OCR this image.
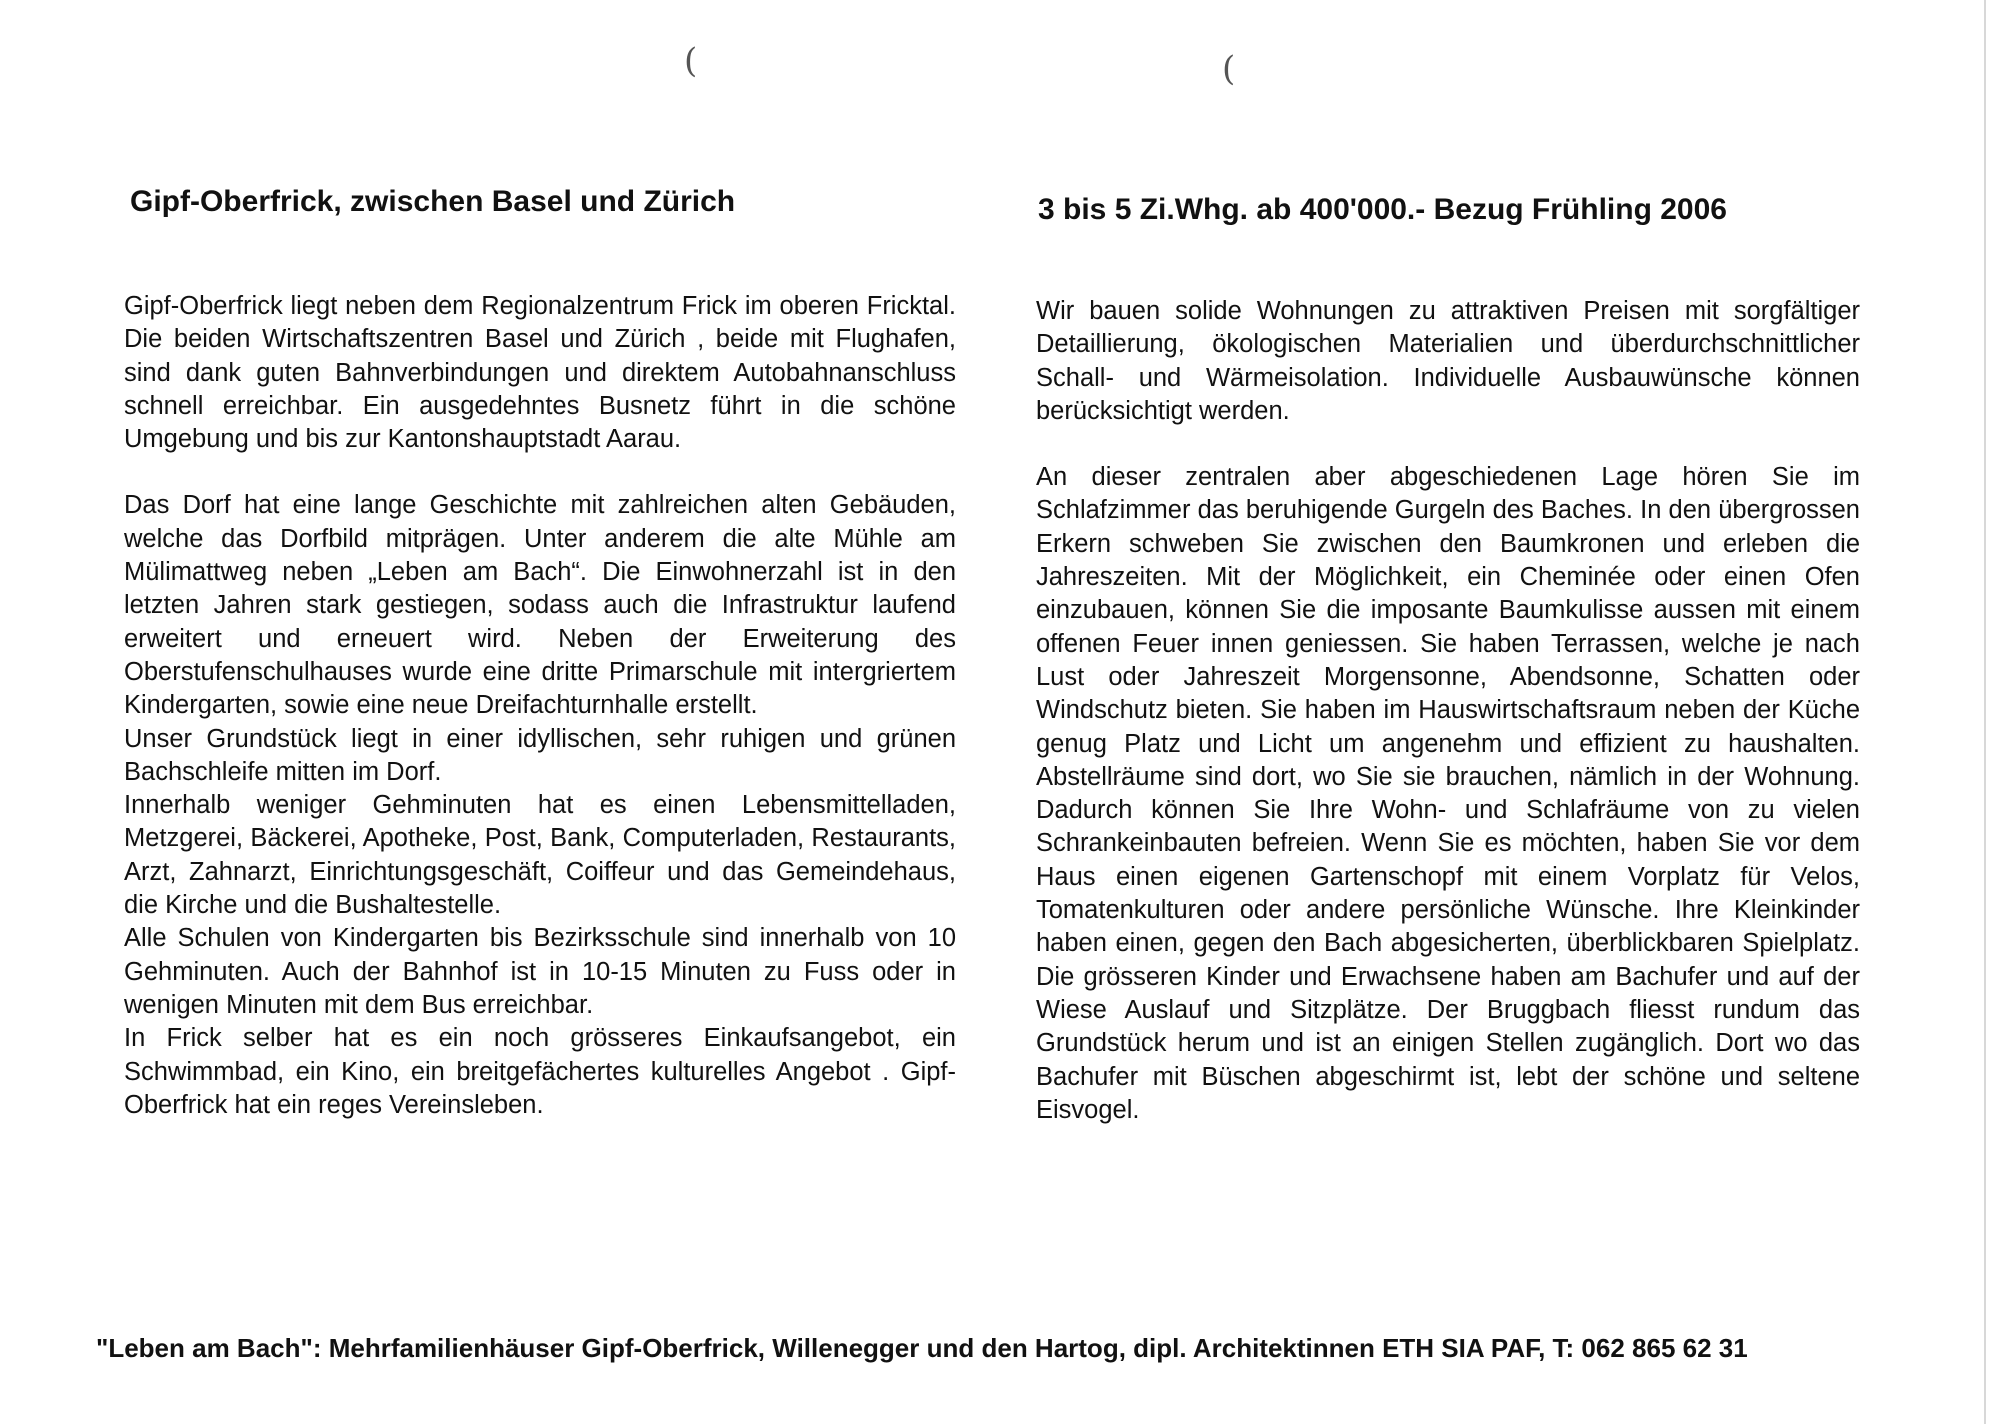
(	(
Gipf-Oberfrick, zwischen Basel und Zürich	3 bis 5 Zi.Whg. ab 400'000.- Bezug Frühling 2006

Gipf-Oberfrick liegt neben dem Regionalzentrum Frick im oberen Fricktal. Die beiden Wirtschaftszentren Basel und Zürich , beide mit Flughafen, sind dank guten Bahnverbindungen und direktem Autobahnanschluss schnell erreichbar. Ein ausgedehntes Busnetz führt in die schöne Umgebung und bis zur Kantonshauptstadt Aarau.

Das Dorf hat eine lange Geschichte mit zahlreichen alten Gebäuden, welche das Dorfbild mitprägen. Unter anderem die alte Mühle am Mülimattweg neben „Leben am Bach“. Die Einwohnerzahl ist in den letzten Jahren stark gestiegen, sodass auch die Infrastruktur laufend erweitert und erneuert wird. Neben der Erweiterung des Oberstufenschulhauses wurde eine dritte Primarschule mit intergriertem Kindergarten, sowie eine neue Dreifachturnhalle erstellt.

Unser Grundstück liegt in einer idyllischen, sehr ruhigen und grünen Bachschleife mitten im Dorf.

Innerhalb weniger Gehminuten hat es einen Lebensmittelladen, Metzgerei, Bäckerei, Apotheke, Post, Bank, Computerladen, Restaurants, Arzt, Zahnarzt, Einrichtungsgeschäft, Coiffeur und das Gemeindehaus, die Kirche und die Bushaltestelle.

Alle Schulen von Kindergarten bis Bezirksschule sind innerhalb von 10 Gehminuten. Auch der Bahnhof ist in 10-15 Minuten zu Fuss oder in wenigen Minuten mit dem Bus erreichbar.

In Frick selber hat es ein noch grösseres Einkaufsangebot, ein Schwimmbad, ein Kino, ein breitgefächertes kulturelles Angebot . Gipf-Oberfrick hat ein reges Vereinsleben.

Wir bauen solide Wohnungen zu attraktiven Preisen mit sorgfältiger Detaillierung, ökologischen Materialien und überdurchschnittlicher Schall- und Wärmeisolation. Individuelle Ausbauwünsche können berücksichtigt werden.

An dieser zentralen aber abgeschiedenen Lage hören Sie im Schlafzimmer das beruhigende Gurgeln des Baches. In den übergrossen Erkern schweben Sie zwischen den Baumkronen und erleben die Jahreszeiten. Mit der Möglichkeit, ein Cheminée oder einen Ofen einzubauen, können Sie die imposante Baumkulisse aussen mit einem offenen Feuer innen geniessen. Sie haben Terrassen, welche je nach Lust oder Jahreszeit Morgensonne, Abendsonne, Schatten oder Windschutz bieten. Sie haben im Hauswirtschaftsraum neben der Küche genug Platz und Licht um angenehm und effizient zu haushalten. Abstellräume sind dort, wo Sie sie brauchen, nämlich in der Wohnung. Dadurch können Sie Ihre Wohn- und Schlafräume von zu vielen Schrankeinbauten befreien. Wenn Sie es möchten, haben Sie vor dem Haus einen eigenen Gartenschopf mit einem Vorplatz für Velos, Tomatenkulturen oder andere persönliche Wünsche. Ihre Kleinkinder haben einen, gegen den Bach abgesicherten, überblickbaren Spielplatz. Die grösseren Kinder und Erwachsene haben am Bachufer und auf der Wiese Auslauf und Sitzplätze. Der Bruggbach fliesst rundum das Grundstück herum und ist an einigen Stellen zugänglich. Dort wo das Bachufer mit Büschen abgeschirmt ist, lebt der schöne und seltene Eisvogel.

"Leben am Bach": Mehrfamilienhäuser Gipf-Oberfrick, Willenegger und den Hartog, dipl. Architektinnen ETH SIA PAF, T: 062 865 62 31
